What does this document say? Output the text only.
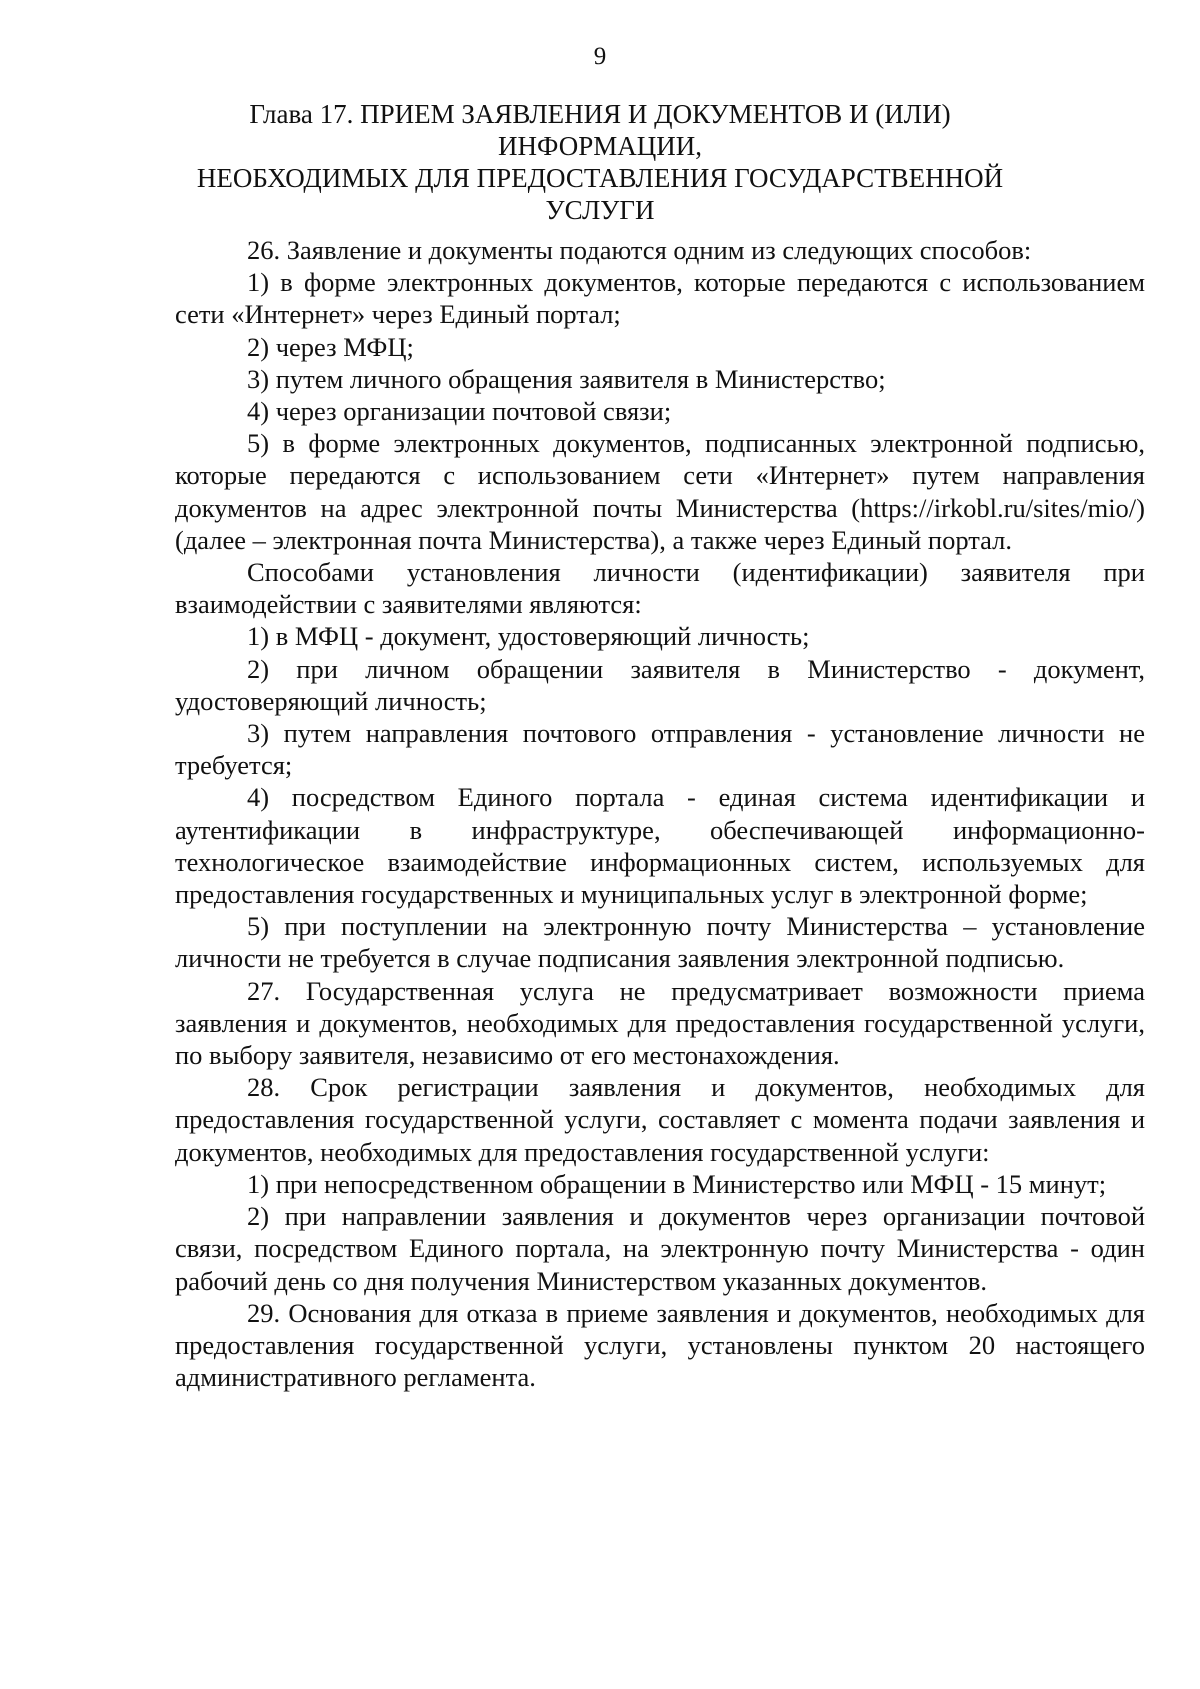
9
Глава 17. ПРИЕМ ЗАЯВЛЕНИЯ И ДОКУМЕНТОВ И (ИЛИ) ИНФОРМАЦИИ,
НЕОБХОДИМЫХ ДЛЯ ПРЕДОСТАВЛЕНИЯ ГОСУДАРСТВЕННОЙ
УСЛУГИ

26. Заявление и документы подаются одним из следующих способов:

1) в форме электронных документов, которые передаются с использованием сети «Интернет» через Единый портал;

2) через МФЦ;

3) путем личного обращения заявителя в Министерство;

4) через организации почтовой связи;

5) в форме электронных документов, подписанных электронной подписью, которые передаются с использованием сети «Интернет» путем направления документов на адрес электронной почты Министерства (https://irkobl.ru/sites/mio/) (далее – электронная почта Министерства), а также через Единый портал.

Способами установления личности (идентификации) заявителя при взаимодействии с заявителями являются:

1) в МФЦ - документ, удостоверяющий личность;

2) при личном обращении заявителя в Министерство - документ, удостоверяющий личность;

3) путем направления почтового отправления - установление личности не требуется;

4) посредством Единого портала - единая система идентификации и аутентификации в инфраструктуре, обеспечивающей информационно-технологическое взаимодействие информационных систем, используемых для предоставления государственных и муниципальных услуг в электронной форме;

5) при поступлении на электронную почту Министерства – установление личности не требуется в случае подписания заявления электронной подписью.

27. Государственная услуга не предусматривает возможности приема заявления и документов, необходимых для предоставления государственной услуги, по выбору заявителя, независимо от его местонахождения.

28. Срок регистрации заявления и документов, необходимых для предоставления государственной услуги, составляет с момента подачи заявления и документов, необходимых для предоставления государственной услуги:

1) при непосредственном обращении в Министерство или МФЦ - 15 минут;

2) при направлении заявления и документов через организации почтовой связи, посредством Единого портала, на электронную почту Министерства - один рабочий день со дня получения Министерством указанных документов.

29. Основания для отказа в приеме заявления и документов, необходимых для предоставления государственной услуги, установлены пунктом 20 настоящего административного регламента.
